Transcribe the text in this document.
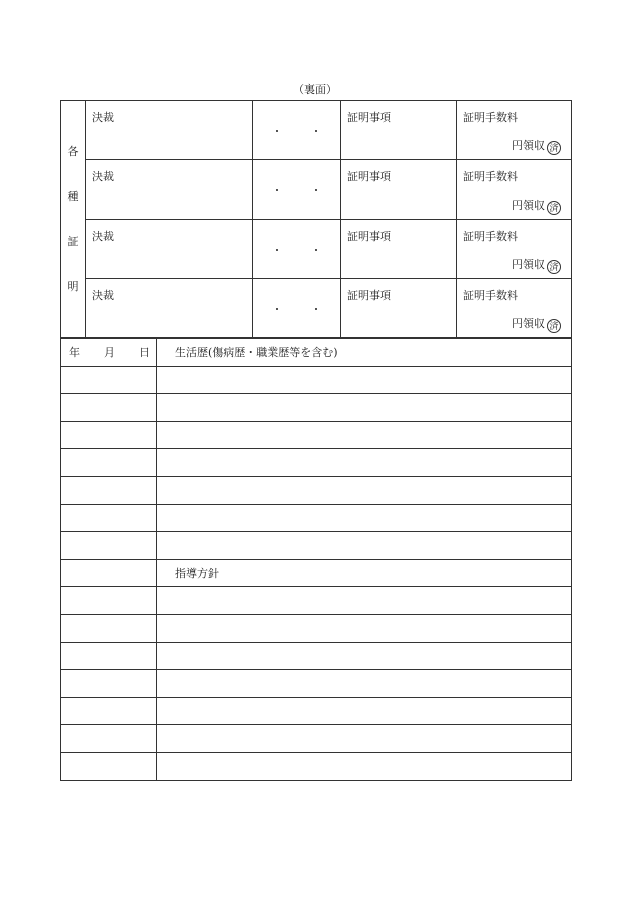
（裏面）
各
種
証
明	決裁	・ ・	証明事項	証明手数料
円領収 済

	決裁	・ ・	証明事項	証明手数料
円領収 済

	決裁	・ ・	証明事項	証明手数料
円領収 済

	決裁	・ ・	証明事項	証明手数料
円領収 済
年 月 日	生活歴(傷病歴・職業歴等を含む)

	指導方針
